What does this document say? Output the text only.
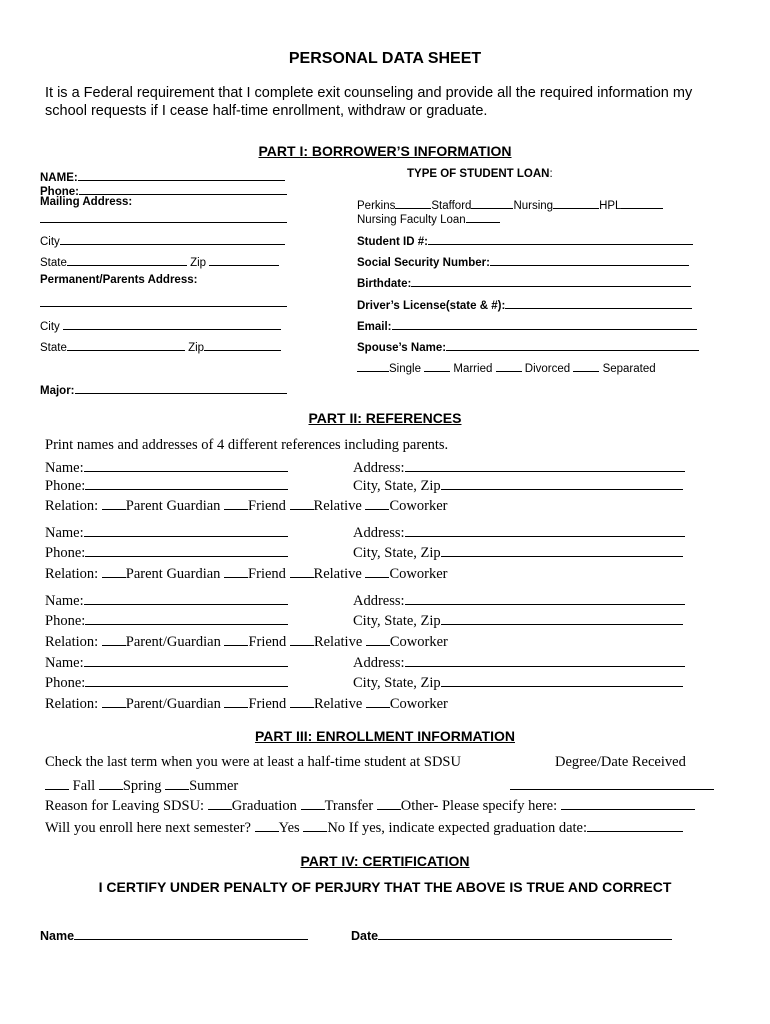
PERSONAL DATA SHEET
It is a Federal requirement that I complete exit counseling and provide all the required information my
school requests if I cease half-time enrollment, withdraw or graduate.
PART I: BORROWER’S INFORMATION
NAME:
Phone:
Mailing Address:
City
State	Zip
Permanent/Parents Address:
City
State	Zip
Major:
TYPE OF STUDENT LOAN:
Perkins	Stafford	Nursing	HPL
Nursing Faculty Loan
Student ID #:
Social Security Number:
Birthdate:
Driver’s License(state & #):
Email:
Spouse’s Name:
Single	Married	Divorced	Separated
PART II: REFERENCES
Print names and addresses of 4 different references including parents.
Name:	Address:
Phone:	City, State, Zip
Relation: Parent Guardian Friend Relative Coworker
Name:	Address:
Phone:	City, State, Zip
Relation: Parent Guardian Friend Relative Coworker
Name:	Address:
Phone:	City, State, Zip
Relation: Parent/Guardian Friend Relative Coworker
Name:	Address:
Phone:	City, State, Zip
Relation: Parent/Guardian Friend Relative Coworker
PART III: ENROLLMENT INFORMATION
Check the last term when you were at least a half-time student at SDSU	Degree/Date Received
Fall Spring Summer
Reason for Leaving SDSU: Graduation Transfer Other- Please specify here:
Will you enroll here next semester? Yes No If yes, indicate expected graduation date:
PART IV: CERTIFICATION
I CERTIFY UNDER PENALTY OF PERJURY THAT THE ABOVE IS TRUE AND CORRECT
Name	Date
